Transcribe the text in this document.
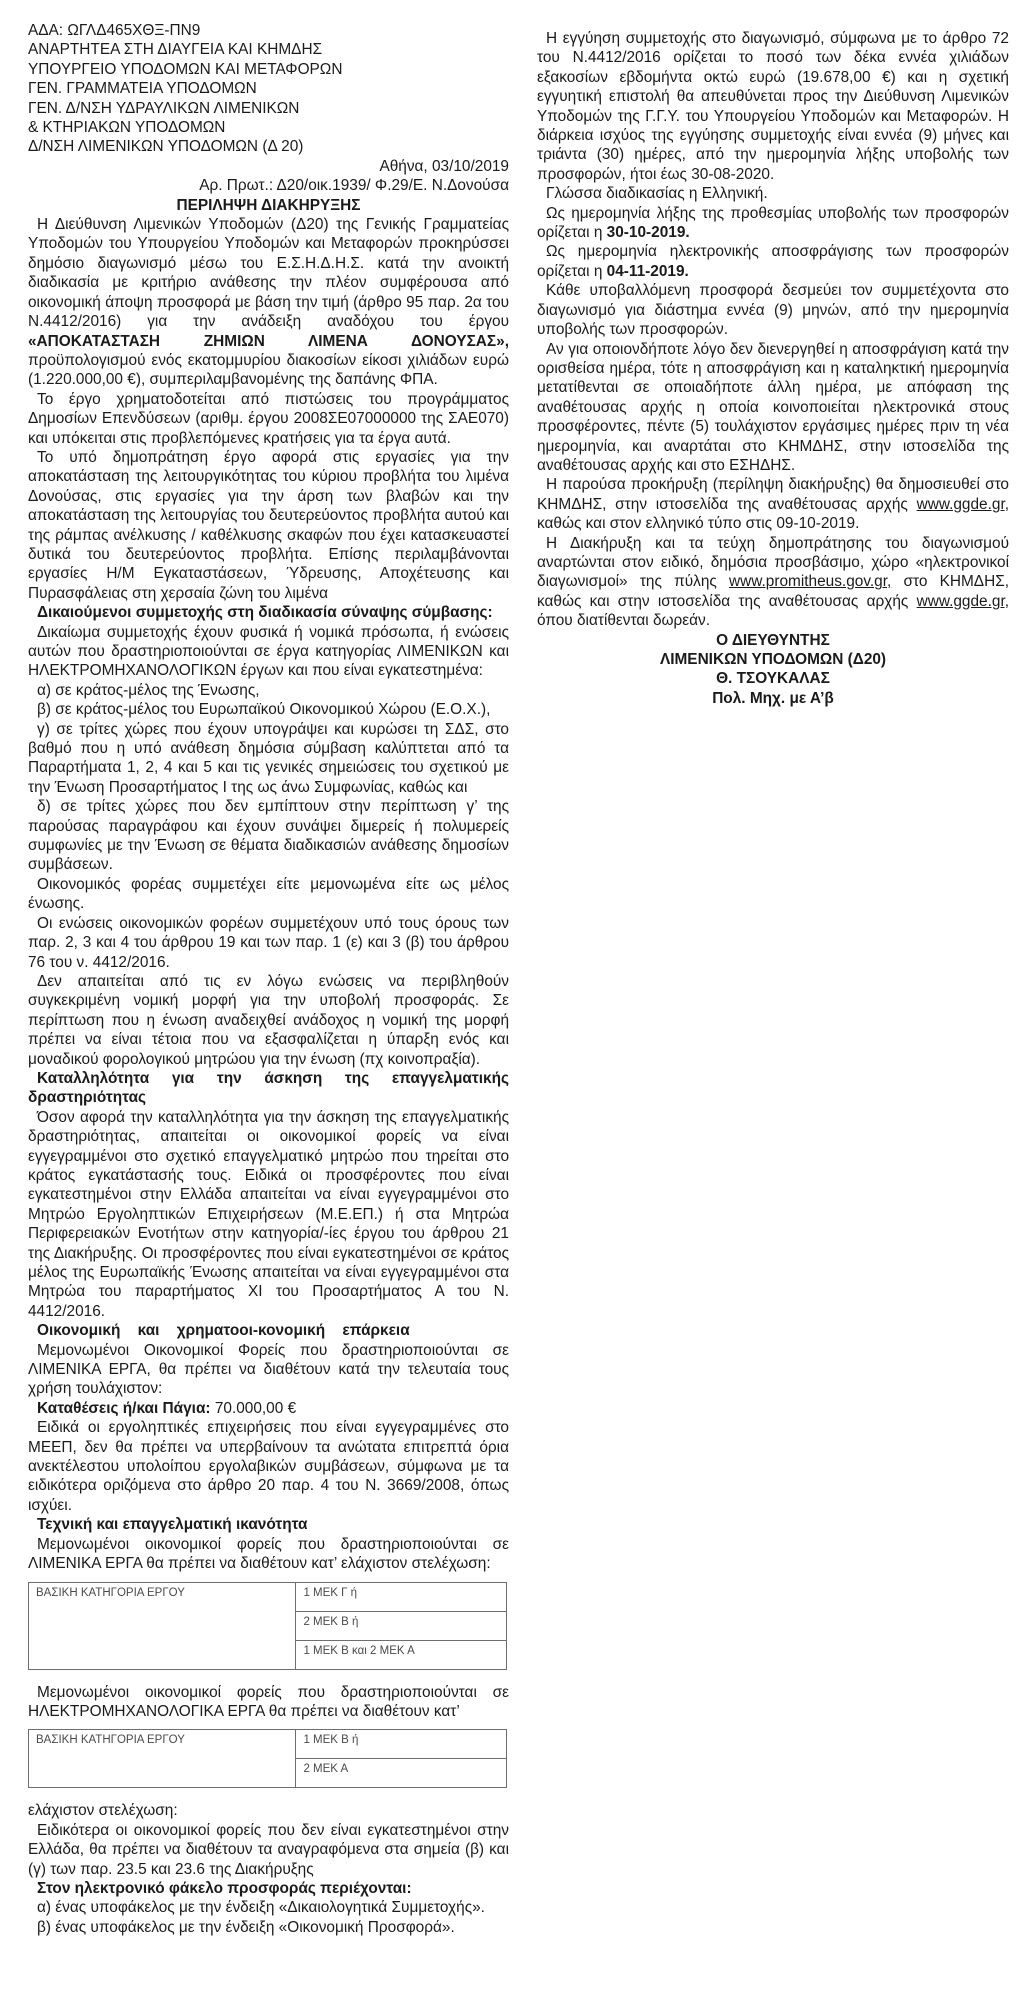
ΑΔΑ: ΩΓΛΔ465ΧΘΞ-ΠΝ9
ΑΝΑΡΤΗΤΕΑ ΣΤΗ ΔΙΑΥΓΕΙΑ ΚΑΙ ΚΗΜΔΗΣ
ΥΠΟΥΡΓΕΙΟ ΥΠΟΔΟΜΩΝ ΚΑΙ ΜΕΤΑΦΟΡΩΝ
ΓΕΝ. ΓΡΑΜΜΑΤΕΙΑ ΥΠΟΔΟΜΩΝ
ΓΕΝ. Δ/ΝΣΗ ΥΔΡΑΥΛΙΚΩΝ ΛΙΜΕΝΙΚΩΝ
& ΚΤΗΡΙΑΚΩΝ ΥΠΟΔΟΜΩΝ
Δ/ΝΣΗ ΛΙΜΕΝΙΚΩΝ ΥΠΟΔΟΜΩΝ (Δ 20)
Αθήνα, 03/10/2019
Αρ. Πρωτ.: Δ20/οικ.1939/ Φ.29/Ε. Ν.Δονούσα
ΠΕΡΙΛΗΨΗ ΔΙΑΚΗΡΥΞΗΣ

Η Διεύθυνση Λιμενικών Υποδομών (Δ20) της Γενικής Γραμματείας Υποδομών του Υπουργείου Υποδομών και Μεταφορών προκηρύσσει δημόσιο διαγωνισμό μέσω του Ε.Σ.Η.Δ.Η.Σ. κατά την ανοικτή διαδικασία με κριτήριο ανάθεσης την πλέον συμφέρουσα από οικονομική άποψη προσφορά με βάση την τιμή (άρθρο 95 παρ. 2α του Ν.4412/2016) για την ανάδειξη αναδόχου του έργου «ΑΠΟΚΑΤΑΣΤΑΣΗ ΖΗΜΙΩΝ ΛΙΜΕΝΑ ΔΟΝΟΥΣΑΣ», προϋπολογισμού ενός εκατομμυρίου διακοσίων είκοσι χιλιάδων ευρώ (1.220.000,00 €), συμπεριλαμβανομένης της δαπάνης ΦΠΑ.

Το έργο χρηματοδοτείται από πιστώσεις του προγράμματος Δημοσίων Επενδύσεων (αριθμ. έργου 2008ΣΕ07000000 της ΣΑΕ070) και υπόκειται στις προβλεπόμενες κρατήσεις για τα έργα αυτά.

Το υπό δημοπράτηση έργο αφορά στις εργασίες για την αποκατάσταση της λειτουργικότητας του κύριου προβλήτα του λιμένα Δονούσας, στις εργασίες για την άρση των βλαβών και την αποκατάσταση της λειτουργίας του δευτερεύοντος προβλήτα αυτού και της ράμπας ανέλκυσης / καθέλκυσης σκαφών που έχει κατασκευαστεί δυτικά του δευτερεύοντος προβλήτα. Επίσης περιλαμβάνονται εργασίες Η/Μ Εγκαταστάσεων, Ύδρευσης, Αποχέτευσης και Πυρασφάλειας στη χερσαία ζώνη του λιμένα

Δικαιούμενοι συμμετοχής στη διαδικασία σύναψης σύμβασης:

Δικαίωμα συμμετοχής έχουν φυσικά ή νομικά πρόσωπα, ή ενώσεις αυτών που δραστηριοποιούνται σε έργα κατηγορίας ΛΙΜΕΝΙΚΩΝ και ΗΛΕΚΤΡΟΜΗΧΑΝΟΛΟΓΙΚΩΝ έργων και που είναι εγκατεστημένα:

α) σε κράτος-μέλος της Ένωσης,

β) σε κράτος-μέλος του Ευρωπαϊκού Οικονομικού Χώρου (Ε.Ο.Χ.),

γ) σε τρίτες χώρες που έχουν υπογράψει και κυρώσει τη ΣΔΣ, στο βαθμό που η υπό ανάθεση δημόσια σύμβαση καλύπτεται από τα Παραρτήματα 1, 2, 4 και 5 και τις γενικές σημειώσεις του σχετικού με την Ένωση Προσαρτήματος Ι της ως άνω Συμφωνίας, καθώς και

δ) σε τρίτες χώρες που δεν εμπίπτουν στην περίπτωση γ’ της παρούσας παραγράφου και έχουν συνάψει διμερείς ή πολυμερείς συμφωνίες με την Ένωση σε θέματα διαδικασιών ανάθεσης δημοσίων συμβάσεων.

Οικονομικός φορέας συμμετέχει είτε μεμονωμένα είτε ως μέλος ένωσης.

Οι ενώσεις οικονομικών φορέων συμμετέχουν υπό τους όρους των παρ. 2, 3 και 4 του άρθρου 19 και των παρ. 1 (ε) και 3 (β) του άρθρου 76 του ν. 4412/2016.

Δεν απαιτείται από τις εν λόγω ενώσεις να περιβληθούν συγκεκριμένη νομική μορφή για την υποβολή προσφοράς. Σε περίπτωση που η ένωση αναδειχθεί ανάδοχος η νομική της μορφή πρέπει να είναι τέτοια που να εξασφαλίζεται η ύπαρξη ενός και μοναδικού φορολογικού μητρώου για την ένωση (πχ κοινοπραξία).

Καταλληλότητα για την άσκηση της επαγγελματικής δραστηριότητας

Όσον αφορά την καταλληλότητα για την άσκηση της επαγγελματικής δραστηριότητας, απαιτείται οι οικονομικοί φορείς να είναι εγγεγραμμένοι στο σχετικό επαγγελματικό μητρώο που τηρείται στο κράτος εγκατάστασής τους. Ειδικά οι προσφέροντες που είναι εγκατεστημένοι στην Ελλάδα απαιτείται να είναι εγγεγραμμένοι στο Μητρώο Εργοληπτικών Επιχειρήσεων (Μ.Ε.ΕΠ.) ή στα Μητρώα Περιφερειακών Ενοτήτων στην κατηγορία/-ίες έργου του άρθρου 21 της Διακήρυξης. Οι προσφέροντες που είναι εγκατεστημένοι σε κράτος μέλος της Ευρωπαϊκής Ένωσης απαιτείται να είναι εγγεγραμμένοι στα Μητρώα του παραρτήματος ΧΙ του Προσαρτήματος Α του Ν. 4412/2016.

Οικονομική και χρηματοοι-κονομική επάρκεια

Μεμονωμένοι Οικονομικοί Φορείς που δραστηριοποιούνται σε ΛΙΜΕΝΙΚΑ ΕΡΓΑ, θα πρέπει να διαθέτουν κατά την τελευταία τους χρήση τουλάχιστον:

Καταθέσεις ή/και Πάγια: 70.000,00 €

Ειδικά οι εργοληπτικές επιχειρήσεις που είναι εγγεγραμμένες στο ΜΕΕΠ, δεν θα πρέπει να υπερβαίνουν τα ανώτατα επιτρεπτά όρια ανεκτέλεστου υπολοίπου εργολαβικών συμβάσεων, σύμφωνα με τα ειδικότερα οριζόμενα στο άρθρο 20 παρ. 4 του Ν. 3669/2008, όπως ισχύει.

Τεχνική και επαγγελματική ικανότητα

Μεμονωμένοι οικονομικοί φορείς που δραστηριοποιούνται σε ΛΙΜΕΝΙΚΑ ΕΡΓΑ θα πρέπει να διαθέτουν κατ’ ελάχιστον στελέχωση:

ΒΑΣΙΚΗ ΚΑΤΗΓΟΡΙΑ ΕΡΓΟΥ	1 ΜΕΚ Γ ή
2 ΜΕΚ Β ή
1 ΜΕΚ Β και 2 ΜΕΚ Α

Μεμονωμένοι οικονομικοί φορείς που δραστηριοποιούνται σε ΗΛΕΚΤΡΟΜΗΧΑΝΟΛΟΓΙΚΑ ΕΡΓΑ θα πρέπει να διαθέτουν κατ’

ΒΑΣΙΚΗ ΚΑΤΗΓΟΡΙΑ ΕΡΓΟΥ	1 ΜΕΚ Β ή
2 ΜΕΚ Α

ελάχιστον στελέχωση:

Ειδικότερα οι οικονομικοί φορείς που δεν είναι εγκατεστημένοι στην Ελλάδα, θα πρέπει να διαθέτουν τα αναγραφόμενα στα σημεία (β) και (γ) των παρ. 23.5 και 23.6 της Διακήρυξης

Στον ηλεκτρονικό φάκελο προσφοράς περιέχονται:

α) ένας υποφάκελος με την ένδειξη «Δικαιολογητικά Συμμετοχής».

β) ένας υποφάκελος με την ένδειξη «Οικονομική Προσφορά».

Η εγγύηση συμμετοχής στο διαγωνισμό, σύμφωνα με το άρθρο 72 του Ν.4412/2016 ορίζεται το ποσό των δέκα εννέα χιλιάδων εξακοσίων εβδομήντα οκτώ ευρώ (19.678,00 €) και η σχετική εγγυητική επιστολή θα απευθύνεται προς την Διεύθυνση Λιμενικών Υποδομών της Γ.Γ.Υ. του Υπουργείου Υποδομών και Μεταφορών. Η διάρκεια ισχύος της εγγύησης συμμετοχής είναι εννέα (9) μήνες και τριάντα (30) ημέρες, από την ημερομηνία λήξης υποβολής των προσφορών, ήτοι έως 30-08-2020.

Γλώσσα διαδικασίας η Ελληνική.

Ως ημερομηνία λήξης της προθεσμίας υποβολής των προσφορών ορίζεται η 30-10-2019.

Ως ημερομηνία ηλεκτρονικής αποσφράγισης των προσφορών ορίζεται η 04-11-2019.

Κάθε υποβαλλόμενη προσφορά δεσμεύει τον συμμετέχοντα στο διαγωνισμό για διάστημα εννέα (9) μηνών, από την ημερομηνία υποβολής των προσφορών.

Αν για οποιονδήποτε λόγο δεν διενεργηθεί η αποσφράγιση κατά την ορισθείσα ημέρα, τότε η αποσφράγιση και η καταληκτική ημερομηνία μετατίθενται σε οποιαδήποτε άλλη ημέρα, με απόφαση της αναθέτουσας αρχής η οποία κοινοποιείται ηλεκτρονικά στους προσφέροντες, πέντε (5) τουλάχιστον εργάσιμες ημέρες πριν τη νέα ημερομηνία, και αναρτάται στο ΚΗΜΔΗΣ, στην ιστοσελίδα της αναθέτουσας αρχής και στο ΕΣΗΔΗΣ.

Η παρούσα προκήρυξη (περίληψη διακήρυξης) θα δημοσιευθεί στο ΚΗΜΔΗΣ, στην ιστοσελίδα της αναθέτουσας αρχής www.ggde.gr, καθώς και στον ελληνικό τύπο στις 09-10-2019.

Η Διακήρυξη και τα τεύχη δημοπράτησης του διαγωνισμού αναρτώνται στον ειδικό, δημόσια προσβάσιμο, χώρο «ηλεκτρονικοί διαγωνισμοί» της πύλης www.promitheus.gov.gr, στο ΚΗΜΔΗΣ, καθώς και στην ιστοσελίδα της αναθέτουσας αρχής www.ggde.gr, όπου διατίθενται δωρεάν.

Ο ΔΙΕΥΘΥΝΤΗΣ
ΛΙΜΕΝΙΚΩΝ ΥΠΟΔΟΜΩΝ (Δ20)
Θ. ΤΣΟΥΚΑΛΑΣ
Πολ. Μηχ. με Α’β
